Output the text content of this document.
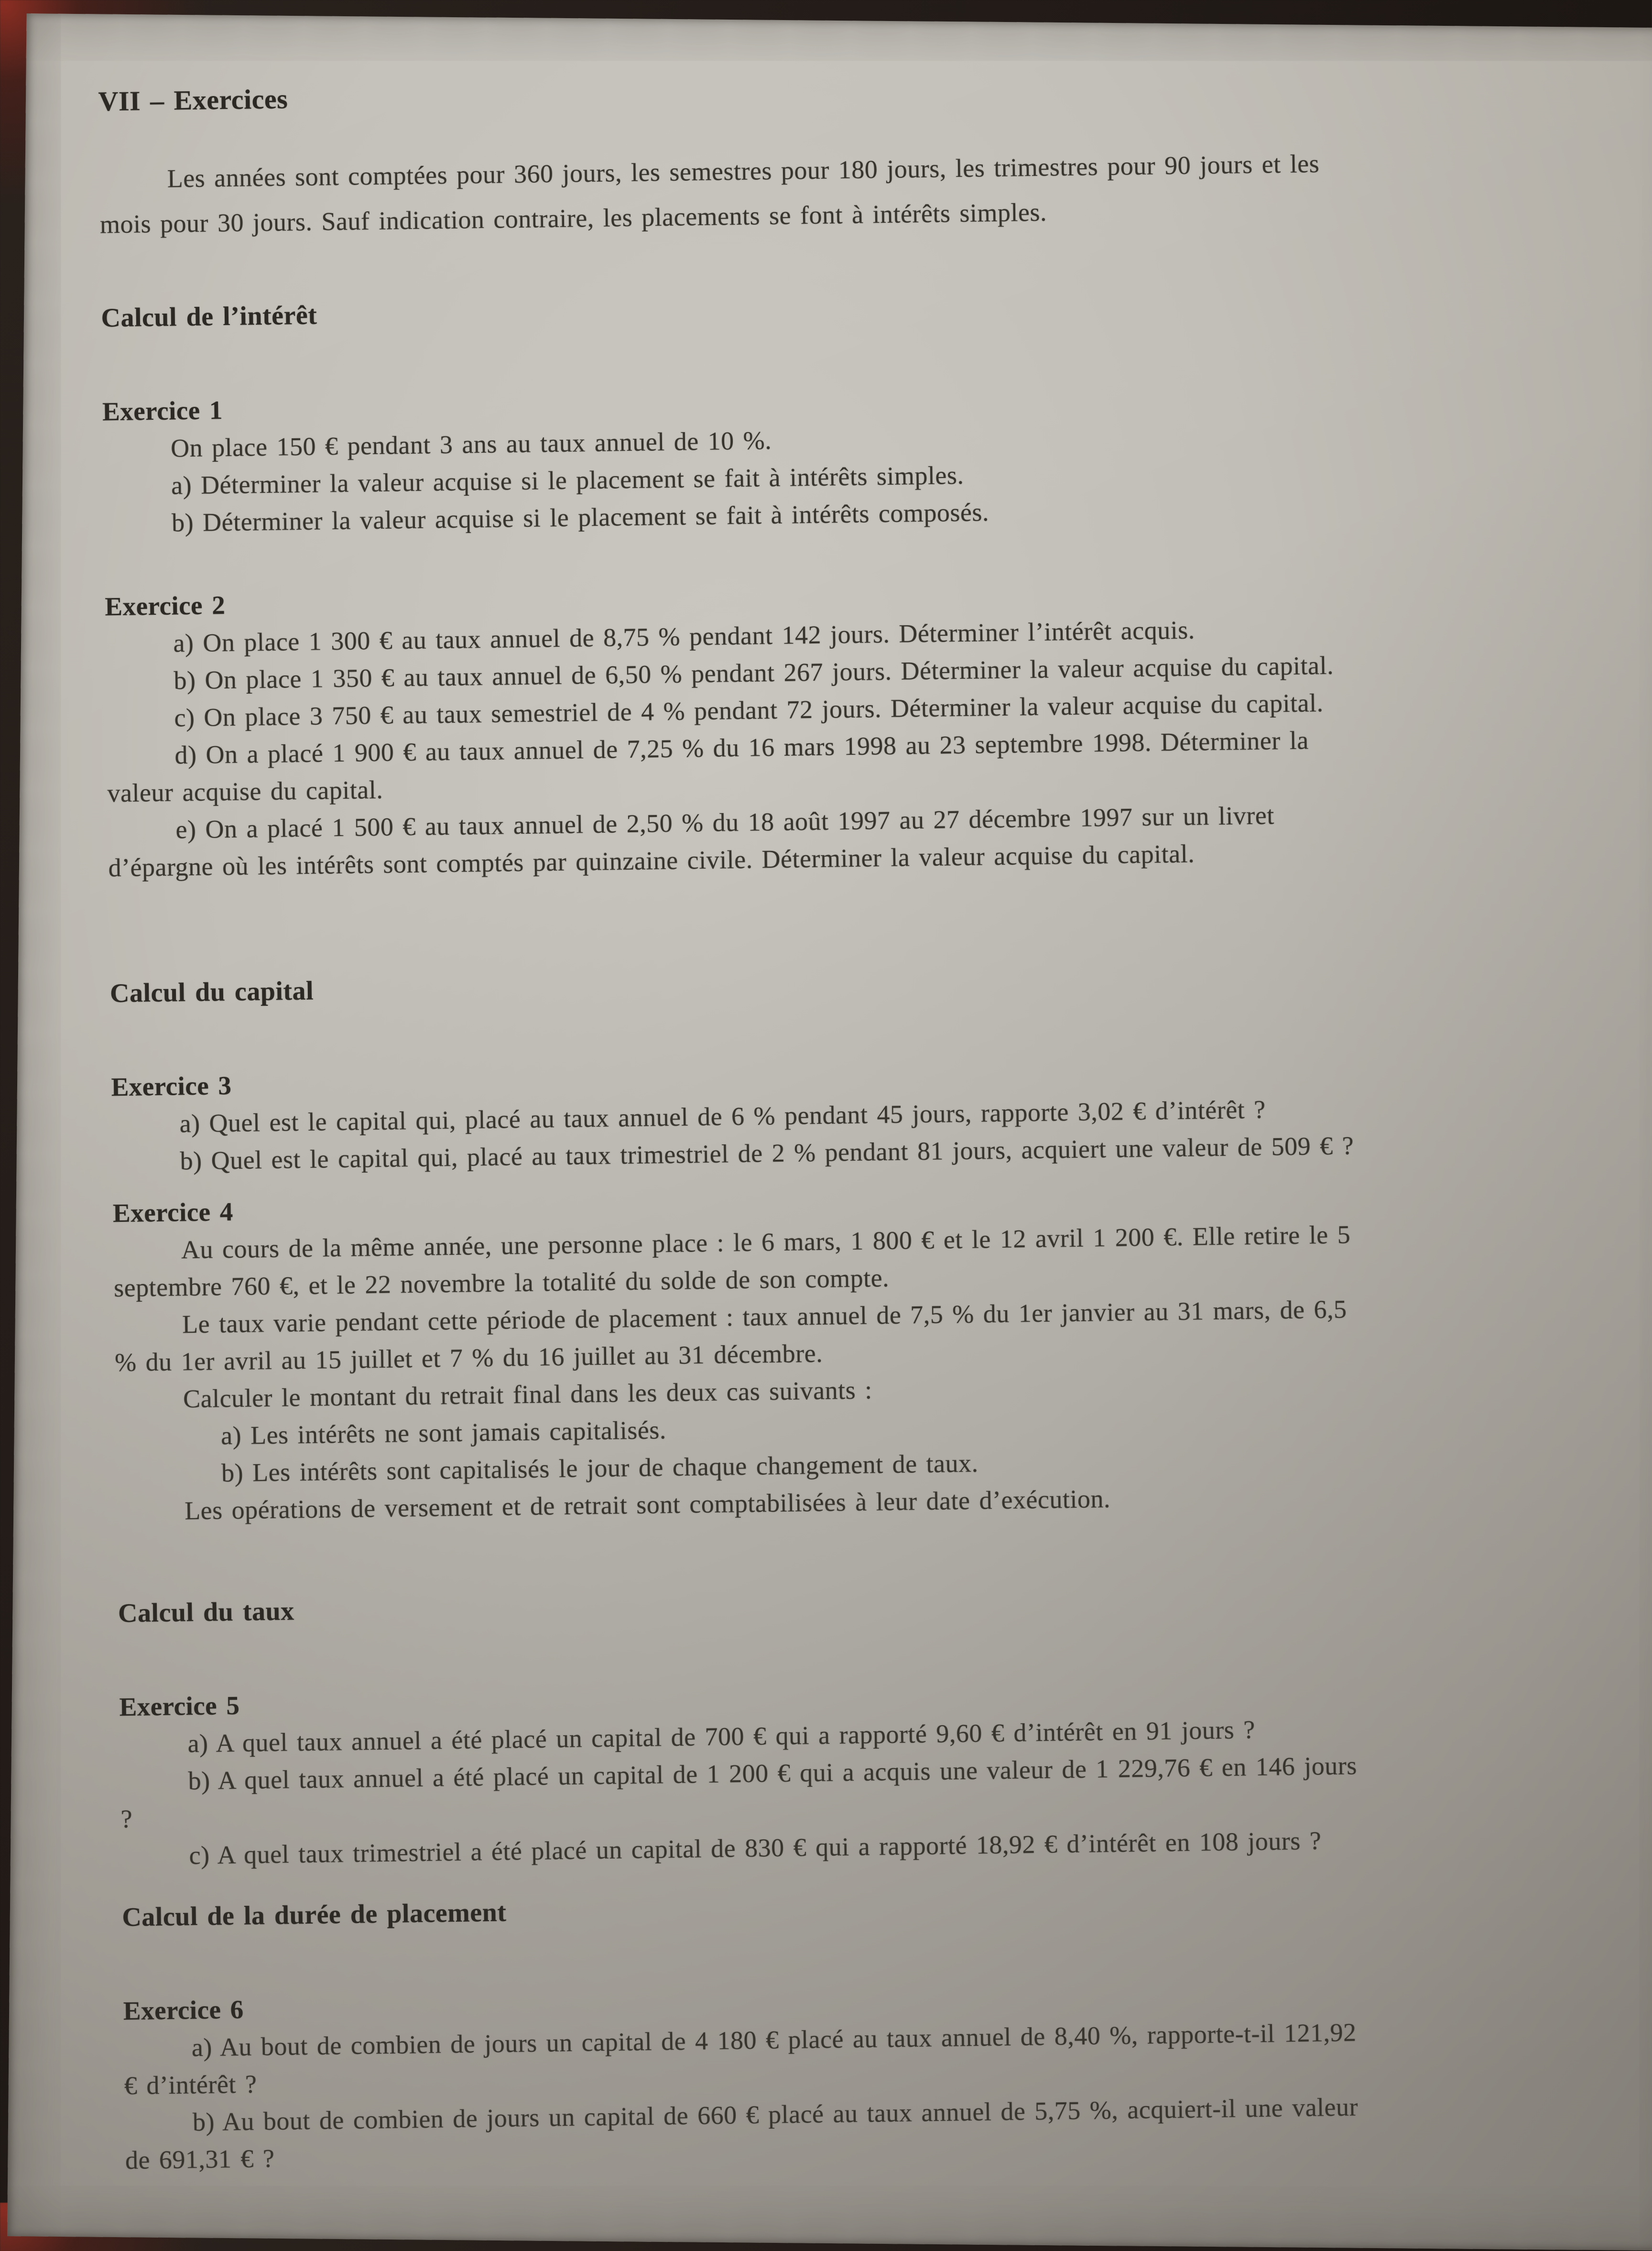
VII – Exercices
Les années sont comptées pour 360 jours, les semestres pour 180 jours, les trimestres pour 90 jours et les
mois pour 30 jours. Sauf indication contraire, les placements se font à intérêts simples.
Calcul de l’intérêt
Exercice 1
On place 150 € pendant 3 ans au taux annuel de 10 %.
a) Déterminer la valeur acquise si le placement se fait à intérêts simples.
b) Déterminer la valeur acquise si le placement se fait à intérêts composés.
Exercice 2
a) On place 1 300 € au taux annuel de 8,75 % pendant 142 jours. Déterminer l’intérêt acquis.
b) On place 1 350 € au taux annuel de 6,50 % pendant 267 jours. Déterminer la valeur acquise du capital.
c) On place 3 750 € au taux semestriel de 4 % pendant 72 jours. Déterminer la valeur acquise du capital.
d) On a placé 1 900 € au taux annuel de 7,25 % du 16 mars 1998 au 23 septembre 1998. Déterminer la
valeur acquise du capital.
e) On a placé 1 500 € au taux annuel de 2,50 % du 18 août 1997 au 27 décembre 1997 sur un livret
d’épargne où les intérêts sont comptés par quinzaine civile. Déterminer la valeur acquise du capital.
Calcul du capital
Exercice 3
a) Quel est le capital qui, placé au taux annuel de 6 % pendant 45 jours, rapporte 3,02 € d’intérêt ?
b) Quel est le capital qui, placé au taux trimestriel de 2 % pendant 81 jours, acquiert une valeur de 509 € ?
Exercice 4
Au cours de la même année, une personne place : le 6 mars, 1 800 € et le 12 avril 1 200 €. Elle retire le 5
septembre 760 €, et le 22 novembre la totalité du solde de son compte.
Le taux varie pendant cette période de placement : taux annuel de 7,5 % du 1er janvier au 31 mars, de 6,5
% du 1er avril au 15 juillet et 7 % du 16 juillet au 31 décembre.
Calculer le montant du retrait final dans les deux cas suivants :
a) Les intérêts ne sont jamais capitalisés.
b) Les intérêts sont capitalisés le jour de chaque changement de taux.
Les opérations de versement et de retrait sont comptabilisées à leur date d’exécution.
Calcul du taux
Exercice 5
a) A quel taux annuel a été placé un capital de 700 € qui a rapporté 9,60 € d’intérêt en 91 jours ?
b) A quel taux annuel a été placé un capital de 1 200 € qui a acquis une valeur de 1 229,76 € en 146 jours
?
c) A quel taux trimestriel a été placé un capital de 830 € qui a rapporté 18,92 € d’intérêt en 108 jours ?
Calcul de la durée de placement
Exercice 6
a) Au bout de combien de jours un capital de 4 180 € placé au taux annuel de 8,40 %, rapporte-t-il 121,92
€ d’intérêt ?
b) Au bout de combien de jours un capital de 660 € placé au taux annuel de 5,75 %, acquiert-il une valeur
de 691,31 € ?
